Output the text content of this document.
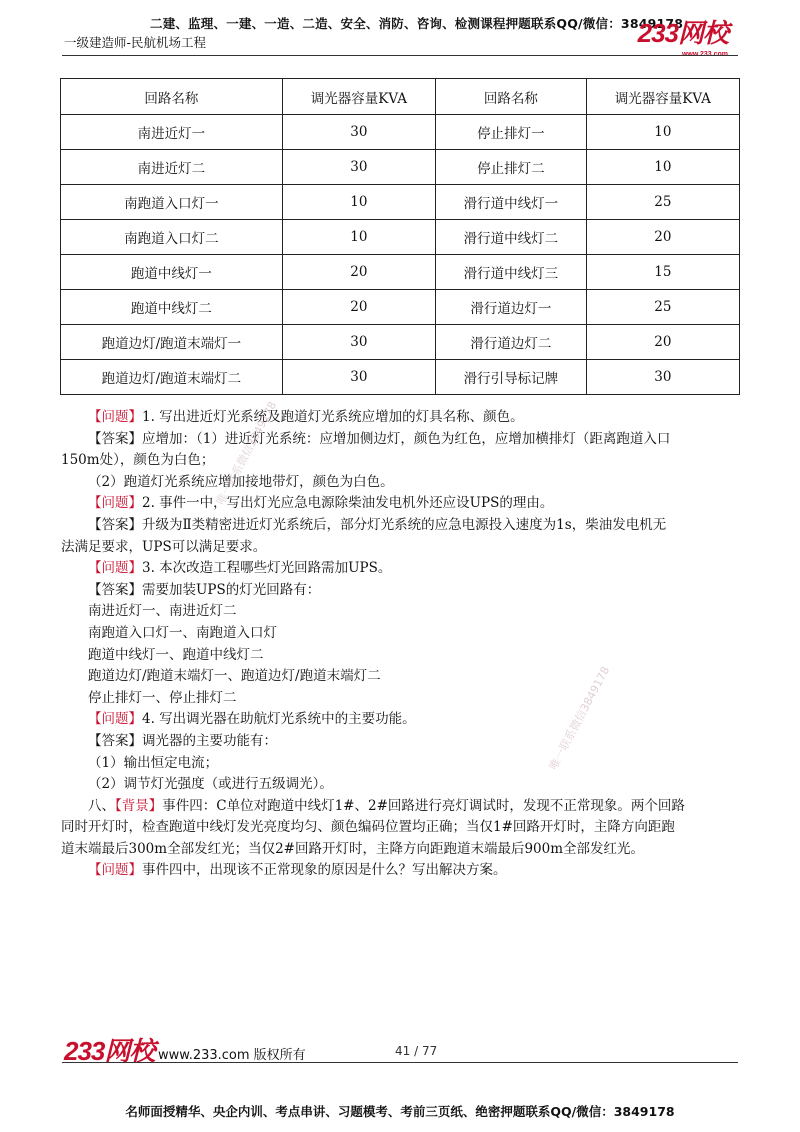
二建、监理、一建、一造、二造、安全、消防、咨询、检测课程押题联系QQ/微信：3849178
一级建造师-民航机场工程	233网校
www.233.com
回路名称	调光器容量KVA	回路名称	调光器容量KVA
南进近灯一	30	停止排灯一	10
南进近灯二	30	停止排灯二	10
南跑道入口灯一	10	滑行道中线灯一	25
南跑道入口灯二	10	滑行道中线灯二	20
跑道中线灯一	20	滑行道中线灯三	15
跑道中线灯二	20	滑行道边灯一	25
跑道边灯/跑道末端灯一	30	滑行道边灯二	20
跑道边灯/跑道末端灯二	30	滑行引导标记牌	30

【问题】1. 写出进近灯光系统及跑道灯光系统应增加的灯具名称、颜色。

【答案】应增加：（1）进近灯光系统：应增加侧边灯，颜色为红色，应增加横排灯（距离跑道入口

150m处），颜色为白色；

（2）跑道灯光系统应增加接地带灯，颜色为白色。

【问题】2. 事件一中，写出灯光应急电源除柴油发电机外还应设UPS的理由。

【答案】升级为Ⅱ类精密进近灯光系统后，部分灯光系统的应急电源投入速度为1s，柴油发电机无

法满足要求，UPS可以满足要求。

【问题】3. 本次改造工程哪些灯光回路需加UPS。

【答案】需要加装UPS的灯光回路有：

南进近灯一、南进近灯二

南跑道入口灯一、南跑道入口灯

跑道中线灯一、跑道中线灯二

跑道边灯/跑道末端灯一、跑道边灯/跑道末端灯二

停止排灯一、停止排灯二

【问题】4. 写出调光器在助航灯光系统中的主要功能。

【答案】调光器的主要功能有：

（1）输出恒定电流；

（2）调节灯光强度（或进行五级调光）。

八、【背景】事件四：C单位对跑道中线灯1#、2#回路进行亮灯调试时，发现不正常现象。两个回路

同时开灯时，检查跑道中线灯发光亮度均匀、颜色编码位置均正确；当仅1#回路开灯时，主降方向距跑

道末端最后300m全部发红光；当仅2#回路开灯时，主降方向距跑道末端最后900m全部发红光。

【问题】事件四中，出现该不正常现象的原因是什么？写出解决方案。

唯一联系微信3849178
唯一联系微信3849178
233网校 www.233.com 版权所有	41 / 77
名师面授精华、央企内训、考点串讲、习题模考、考前三页纸、绝密押题联系QQ/微信：3849178
